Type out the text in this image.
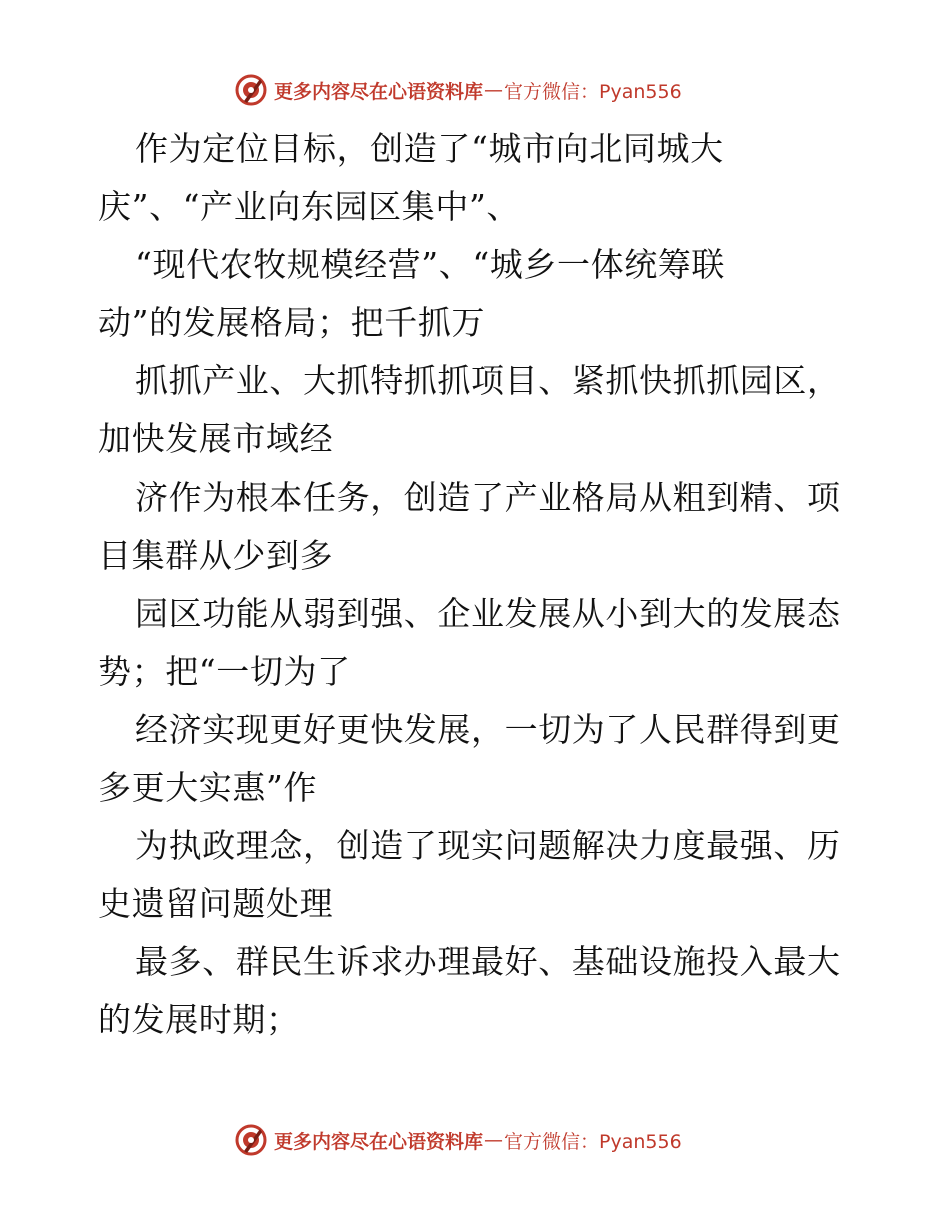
更多内容尽在心语资料库 — 官方微信：Pyan556
作为定位目标，创造了“城市向北同城大
庆”、“产业向东园区集中”、
“现代农牧规模经营”、“城乡一体统筹联
动”的发展格局；把千抓万
抓抓产业、大抓特抓抓项目、紧抓快抓抓园区，
加快发展市域经
济作为根本任务，创造了产业格局从粗到精、项
目集群从少到多
园区功能从弱到强、企业发展从小到大的发展态
势；把“一切为了
经济实现更好更快发展，一切为了人民群得到更
多更大实惠”作
为执政理念，创造了现实问题解决力度最强、历
史遗留问题处理
最多、群民生诉求办理最好、基础设施投入最大
的发展时期；
更多内容尽在心语资料库 — 官方微信：Pyan556
